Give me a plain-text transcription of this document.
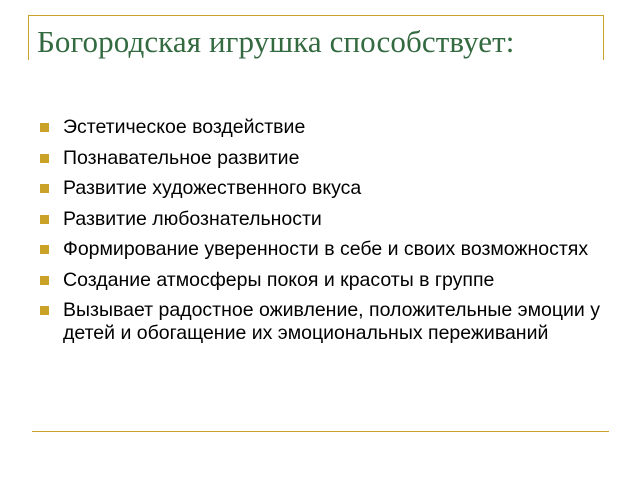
Богородская игрушка способствует:
Эстетическое воздействие
Познавательное развитие
Развитие художественного вкуса
Развитие любознательности
Формирование уверенности в себе и своих возможностях
Создание атмосферы покоя и красоты в группе
Вызывает радостное оживление, положительные эмоции у детей и обогащение их эмоциональных переживаний
